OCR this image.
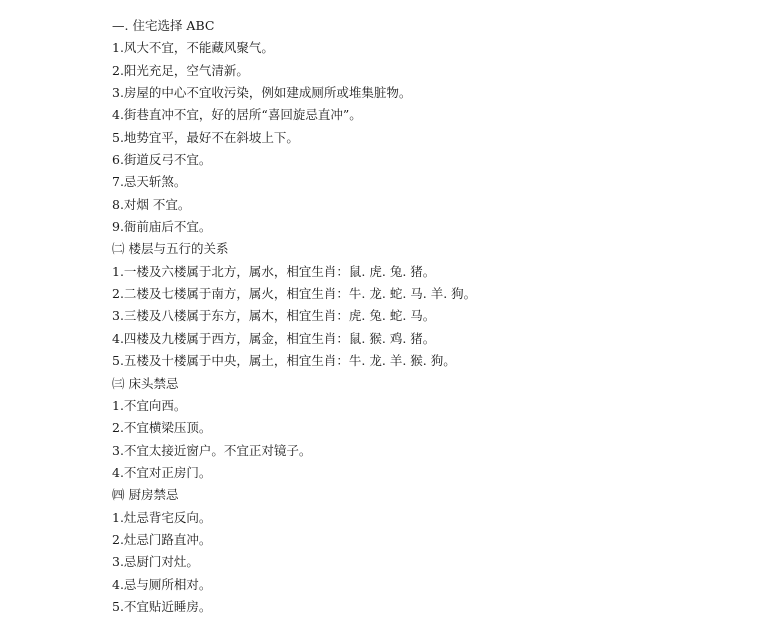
—. 住宅选择 ABC
1.风大不宜，不能藏风聚气。
2.阳光充足，空气清新。
3.房屋的中心不宜收污染，例如建成厕所或堆集脏物。
4.街巷直冲不宜，好的居所“喜回旋忌直冲”。
5.地势宜平，最好不在斜坡上下。
6.街道反弓不宜。
7.忌天斩煞。
8.对烟 不宜。
9.衙前庙后不宜。
㈡ 楼层与五行的关系
1.一楼及六楼属于北方，属水，相宜生肖：鼠. 虎. 兔. 猪。
2.二楼及七楼属于南方，属火，相宜生肖：牛. 龙. 蛇. 马. 羊. 狗。
3.三楼及八楼属于东方，属木，相宜生肖：虎. 兔. 蛇. 马。
4.四楼及九楼属于西方，属金，相宜生肖：鼠. 猴. 鸡. 猪。
5.五楼及十楼属于中央，属土，相宜生肖：牛. 龙. 羊. 猴. 狗。
㈢ 床头禁忌
1.不宜向西。
2.不宜横梁压顶。
3.不宜太接近窗户。不宜正对镜子。
4.不宜对正房门。
㈣ 厨房禁忌
1.灶忌背宅反向。
2.灶忌门路直冲。
3.忌厨门对灶。
4.忌与厕所相对。
5.不宜贴近睡房。
